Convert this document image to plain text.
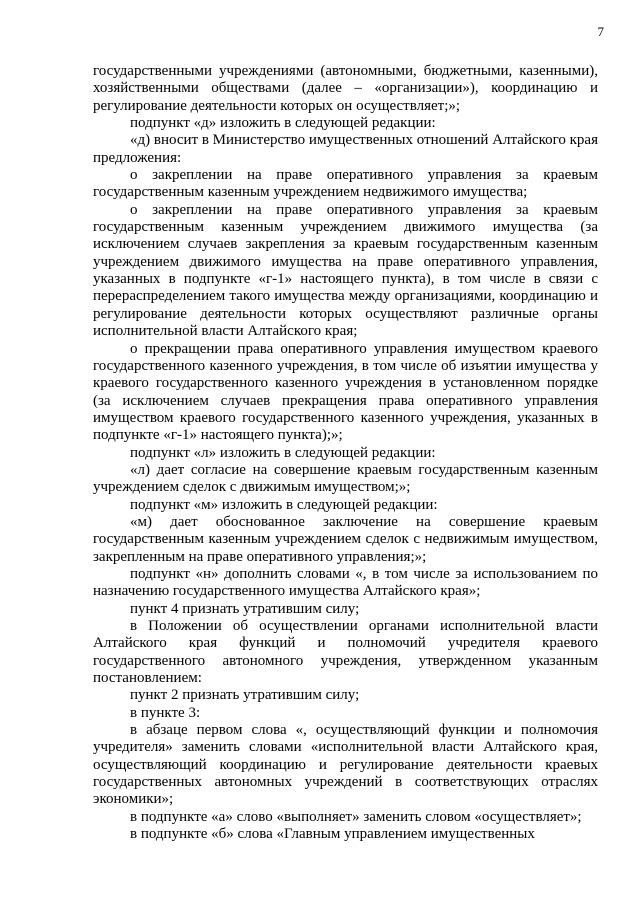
7

государственными учреждениями (автономными, бюджетными, казенными), хозяйственными обществами (далее – «организации»), координацию и регулирование деятельности которых он осуществляет;»;

подпункт «д» изложить в следующей редакции:

«д) вносит в Министерство имущественных отношений Алтайского края предложения:

о закреплении на праве оперативного управления за краевым государственным казенным учреждением недвижимого имущества;

о закреплении на праве оперативного управления за краевым государственным казенным учреждением движимого имущества (за исключением случаев закрепления за краевым государственным казенным учреждением движимого имущества на праве оперативного управления, указанных в подпункте «г-1» настоящего пункта), в том числе в связи с перераспределением такого имущества между организациями, координацию и регулирование деятельности которых осуществляют различные органы исполнительной власти Алтайского края;

о прекращении права оперативного управления имуществом краевого государственного казенного учреждения, в том числе об изъятии имущества у краевого государственного казенного учреждения в установленном порядке (за исключением случаев прекращения права оперативного управления имуществом краевого государственного казенного учреждения, указанных в подпункте «г-1» настоящего пункта);»;

подпункт «л» изложить в следующей редакции:

«л) дает согласие на совершение краевым государственным казенным учреждением сделок с движимым имуществом;»;

подпункт «м» изложить в следующей редакции:

«м) дает обоснованное заключение на совершение краевым государственным казенным учреждением сделок с недвижимым имуществом, закрепленным на праве оперативного управления;»;

подпункт «н» дополнить словами «, в том числе за использованием по назначению государственного имущества Алтайского края»;

пункт 4 признать утратившим силу;

в Положении об осуществлении органами исполнительной власти Алтайского края функций и полномочий учредителя краевого государственного автономного учреждения, утвержденном указанным постановлением:

пункт 2 признать утратившим силу;

в пункте 3:

в абзаце первом слова «, осуществляющий функции и полномочия учредителя» заменить словами «исполнительной власти Алтайского края, осуществляющий координацию и регулирование деятельности краевых государственных автономных учреждений в соответствующих отраслях экономики»;

в подпункте «а» слово «выполняет» заменить словом «осуществляет»;

в подпункте «б» слова «Главным управлением имущественных
